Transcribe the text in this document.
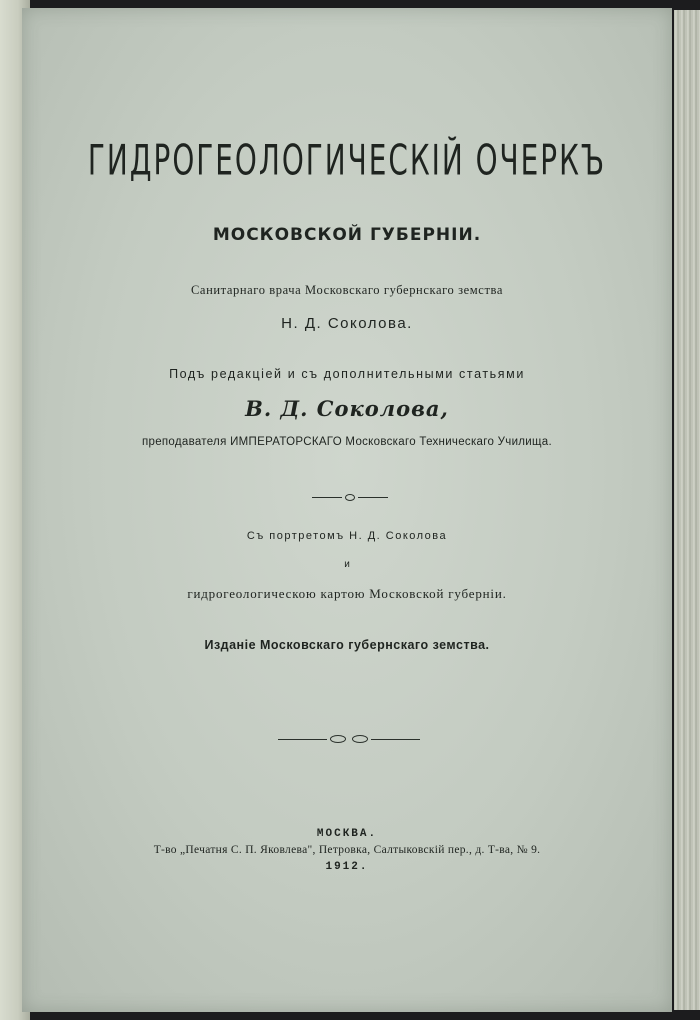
ГИДРОГЕОЛОГИЧЕСКІЙ ОЧЕРКЪ
МОСКОВСКОЙ ГУБЕРНІИ.
Санитарнаго врача Московскаго губернскаго земства
Н. Д. Соколова.
Подъ редакціей и съ дополнительными статьями
В. Д. Соколова,
преподавателя ИМПЕРАТОРСКАГО Московскаго Техническаго Училища.
Съ портретомъ Н. Д. Соколова
и
гидрогеологическою картою Московской губерніи.
Изданіе Московскаго губернскаго земства.
МОСКВА.
Т-во „Печатня С. П. Яковлева", Петровка, Салтыковскій пер., д. Т-ва, № 9.
1912.
